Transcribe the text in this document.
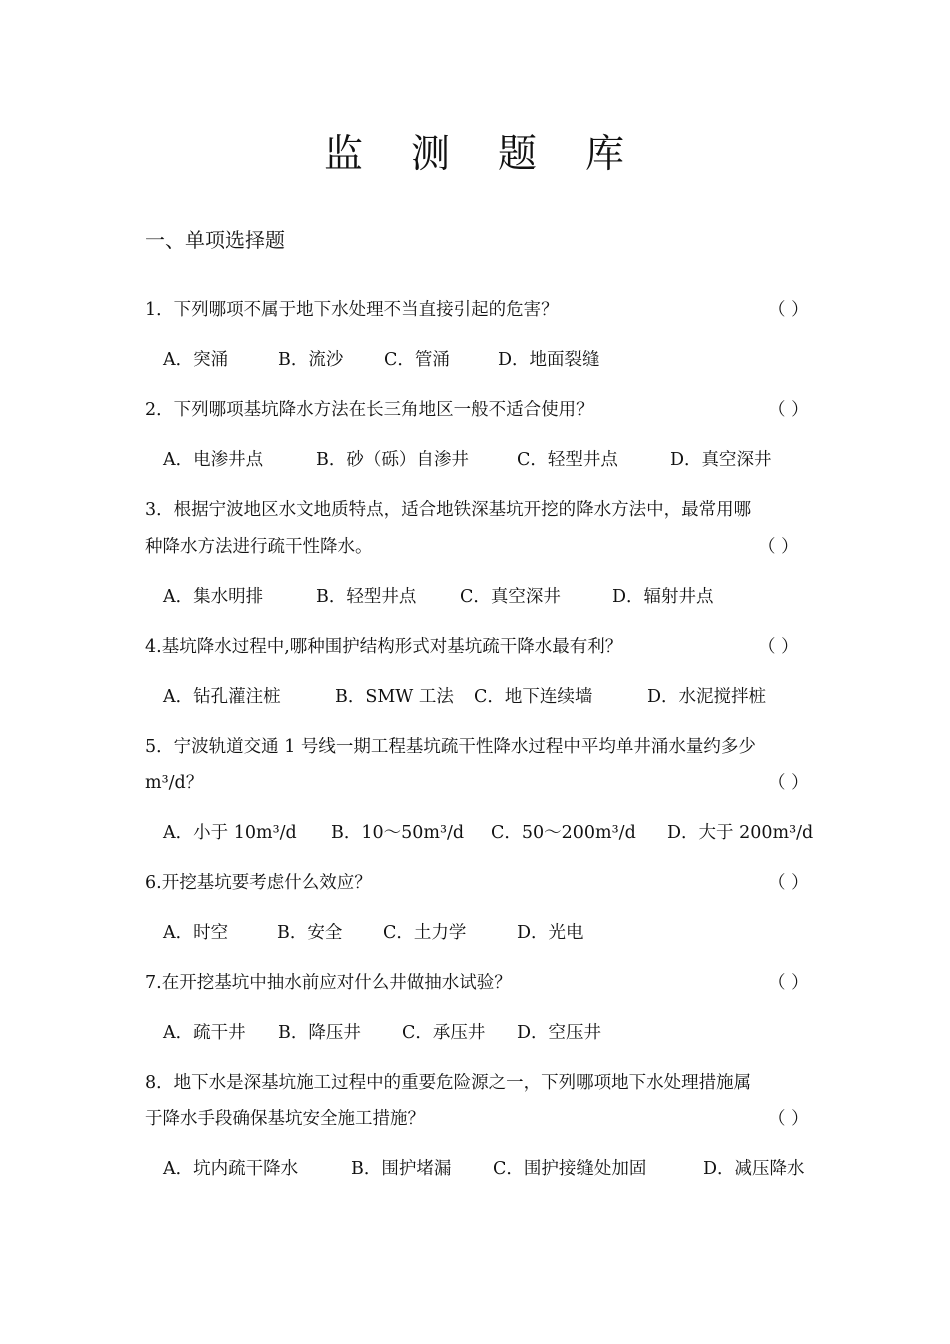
监 测 题 库
一、单项选择题
1．下列哪项不属于地下水处理不当直接引起的危害？	（ ）
A．突涌	B．流沙 C．管涌	D．地面裂缝
2．下列哪项基坑降水方法在长三角地区一般不适合使用？	（ ）
A．电渗井点	B．砂（砾）自渗井	C．轻型井点	D．真空深井
3．根据宁波地区水文地质特点，适合地铁深基坑开挖的降水方法中，最常用哪
种降水方法进行疏干性降水。	（ ）
A．集水明排	B．轻型井点 C．真空深井	D．辐射井点
4.基坑降水过程中,哪种围护结构形式对基坑疏干降水最有利？	（ ）
A．钻孔灌注桩	B．SMW 工法 C．地下连续墙	D．水泥搅拌桩
5．宁波轨道交通 1 号线一期工程基坑疏干性降水过程中平均单井涌水量约多少
m³/d？	（ ）
A．小于 10m³/d B．10～50m³/d C．50～200m³/d D．大于 200m³/d
6.开挖基坑要考虑什么效应？	（ ）
A．时空	B．安全 C．土力学	D．光电
7.在开挖基坑中抽水前应对什么井做抽水试验？	（ ）
A．疏干井 B．降压井 C．承压井 D．空压井
8．地下水是深基坑施工过程中的重要危险源之一，下列哪项地下水处理措施属
于降水手段确保基坑安全施工措施？	（ ）
A．坑内疏干降水	B．围护堵漏 C．围护接缝处加固	D．减压降水
